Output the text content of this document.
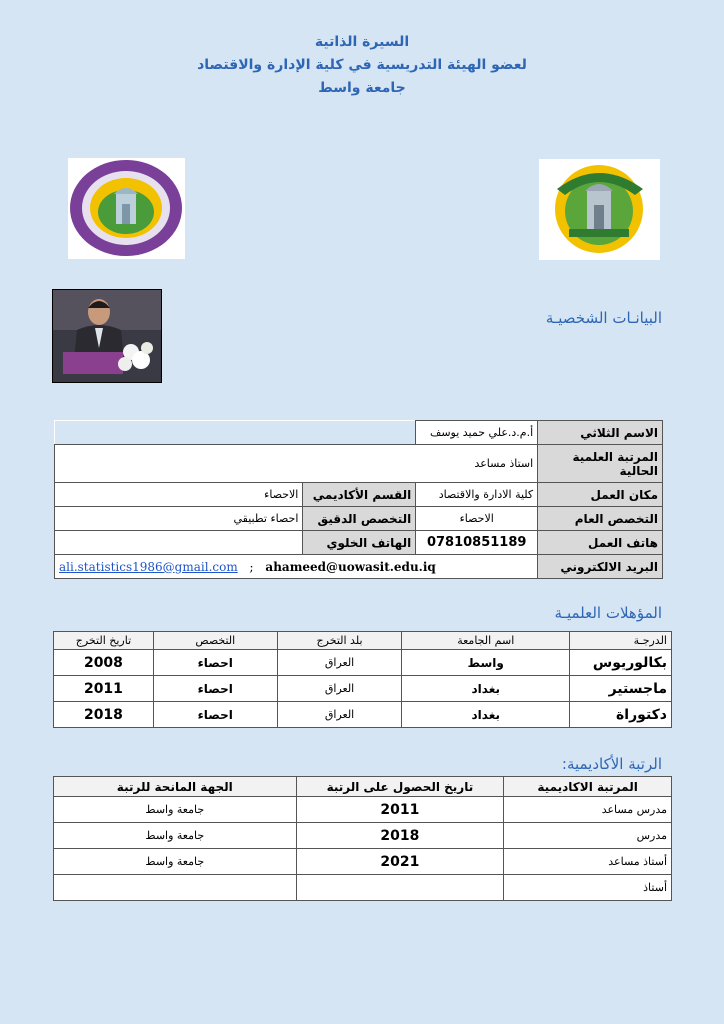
السيرة الذاتية
لعضو الهيئة التدريسية في كلية الإدارة والاقتصاد
جامعة واسط
البيانـات الشخصيـة
الاسم الثلاثي	أ.م.د.علي حميد يوسف		
المرتبة العلمية الحالية	استاذ مساعد		
مكان العمل	كلية الادارة والاقتصاد	القسم الأكاديمي	الاحصاء
التخصص العام	الاحصاء	التخصص الدقيق	احصاء تطبيقي
هاتف العمل	07810851189	الهاتف الخلوي	
البريد الالكتروني	ali.statistics1986@gmail.com ; ahameed@uowasit.edu.iq		
المؤهلات العلميـة
الدرجـة	اسم الجامعة	بلد التخرج	التخصص	تاريخ التخرج
بكالوريوس	واسط	العراق	احصاء	2008
ماجستير	بغداد	العراق	احصاء	2011
دكتوراة	بغداد	العراق	احصاء	2018
الرتبة الأكاديمية:
المرتبة الاكاديمية	تاريخ الحصول على الرتبة	الجهة المانحة للرتبة
مدرس مساعد	2011	جامعة واسط
مدرس	2018	جامعة واسط
أستاذ مساعد	2021	جامعة واسط
أستاذ		
